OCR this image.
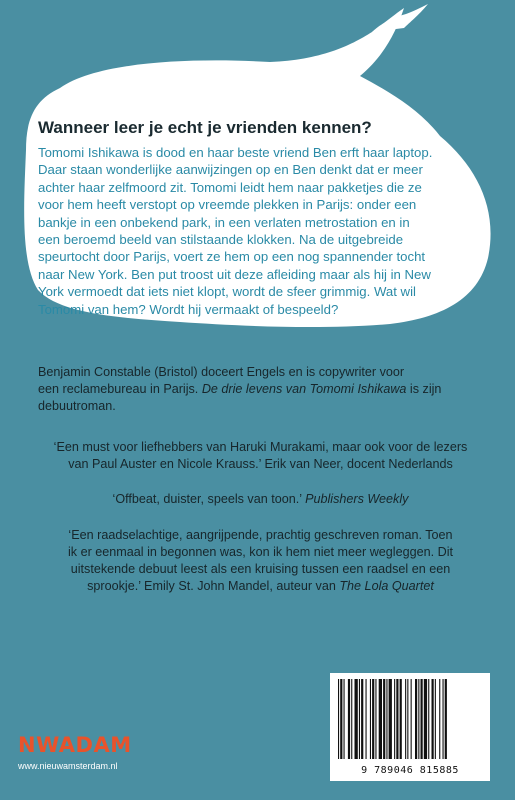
Wanneer leer je echt je vrienden kennen?
Tomomi Ishikawa is dood en haar beste vriend Ben erft haar laptop.
Daar staan wonderlijke aanwijzingen op en Ben denkt dat er meer
achter haar zelfmoord zit. Tomomi leidt hem naar pakketjes die ze
voor hem heeft verstopt op vreemde plekken in Parijs: onder een
bankje in een onbekend park, in een verlaten metrostation en in
een beroemd beeld van stilstaande klokken. Na de uitgebreide
speurtocht door Parijs, voert ze hem op een nog spannender tocht
naar New York. Ben put troost uit deze afleiding maar als hij in New
York vermoedt dat iets niet klopt, wordt de sfeer grimmig. Wat wil
Tomomi van hem? Wordt hij vermaakt of bespeeld?
Benjamin Constable (Bristol) doceert Engels en is copywriter voor
een reclamebureau in Parijs. De drie levens van Tomomi Ishikawa is zijn
debuutroman.
‘Een must voor liefhebbers van Haruki Murakami, maar ook voor de lezers
van Paul Auster en Nicole Krauss.’ Erik van Neer, docent Nederlands
‘Offbeat, duister, speels van toon.’ Publishers Weekly
‘Een raadselachtige, aangrijpende, prachtig geschreven roman. Toen
ik er eenmaal in begonnen was, kon ik hem niet meer wegleggen. Dit
uitstekende debuut leest als een kruising tussen een raadsel en een
sprookje.’ Emily St. John Mandel, auteur van The Lola Quartet
NWADAM
www.nieuwamsterdam.nl	9 789046 815885
